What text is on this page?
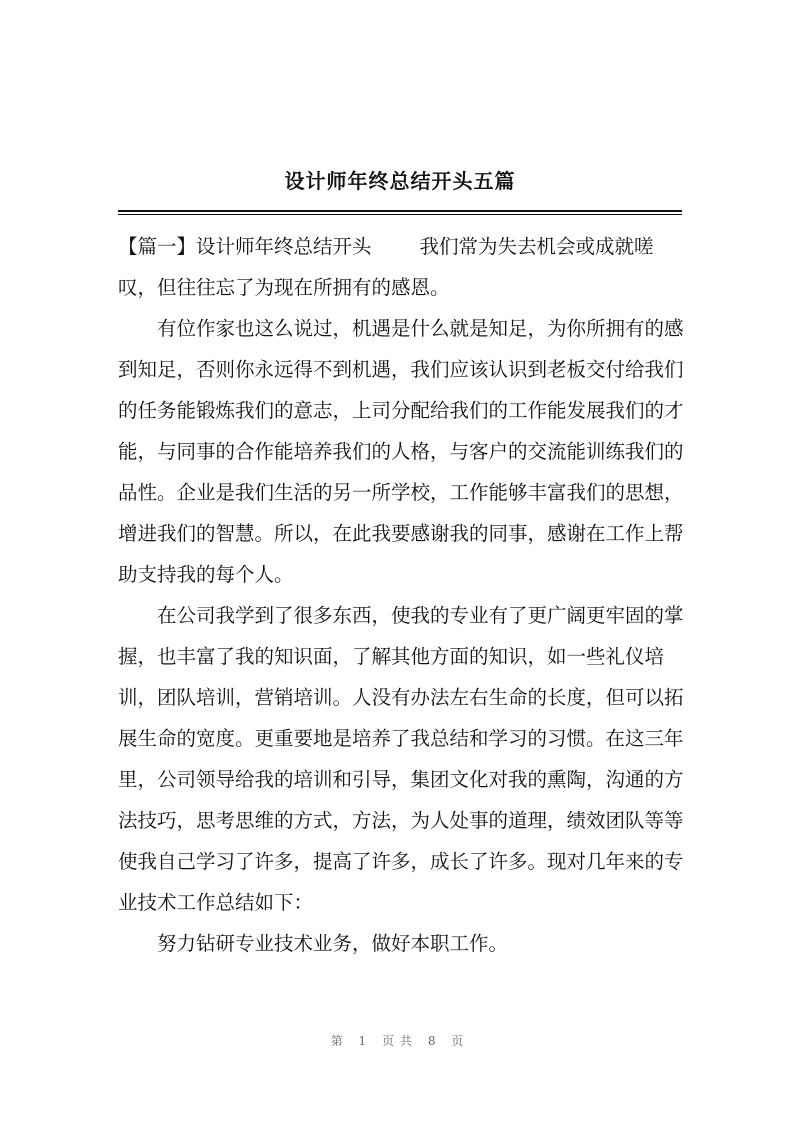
设计师年终总结开头五篇

【篇一】设计师年终总结开头 我们常为失去机会或成就嗟叹，但往往忘了为现在所拥有的感恩。

有位作家也这么说过，机遇是什么就是知足，为你所拥有的感到知足，否则你永远得不到机遇，我们应该认识到老板交付给我们的任务能锻炼我们的意志，上司分配给我们的工作能发展我们的才能，与同事的合作能培养我们的人格，与客户的交流能训练我们的品性。企业是我们生活的另一所学校，工作能够丰富我们的思想，增进我们的智慧。所以，在此我要感谢我的同事，感谢在工作上帮助支持我的每个人。

在公司我学到了很多东西，使我的专业有了更广阔更牢固的掌握，也丰富了我的知识面，了解其他方面的知识，如一些礼仪培训，团队培训，营销培训。人没有办法左右生命的长度，但可以拓展生命的宽度。更重要地是培养了我总结和学习的习惯。在这三年里，公司领导给我的培训和引导，集团文化对我的熏陶，沟通的方法技巧，思考思维的方式，方法，为人处事的道理，绩效团队等等使我自己学习了许多，提高了许多，成长了许多。现对几年来的专业技术工作总结如下：

努力钻研专业技术业务，做好本职工作。

第 1 页共 8 页
